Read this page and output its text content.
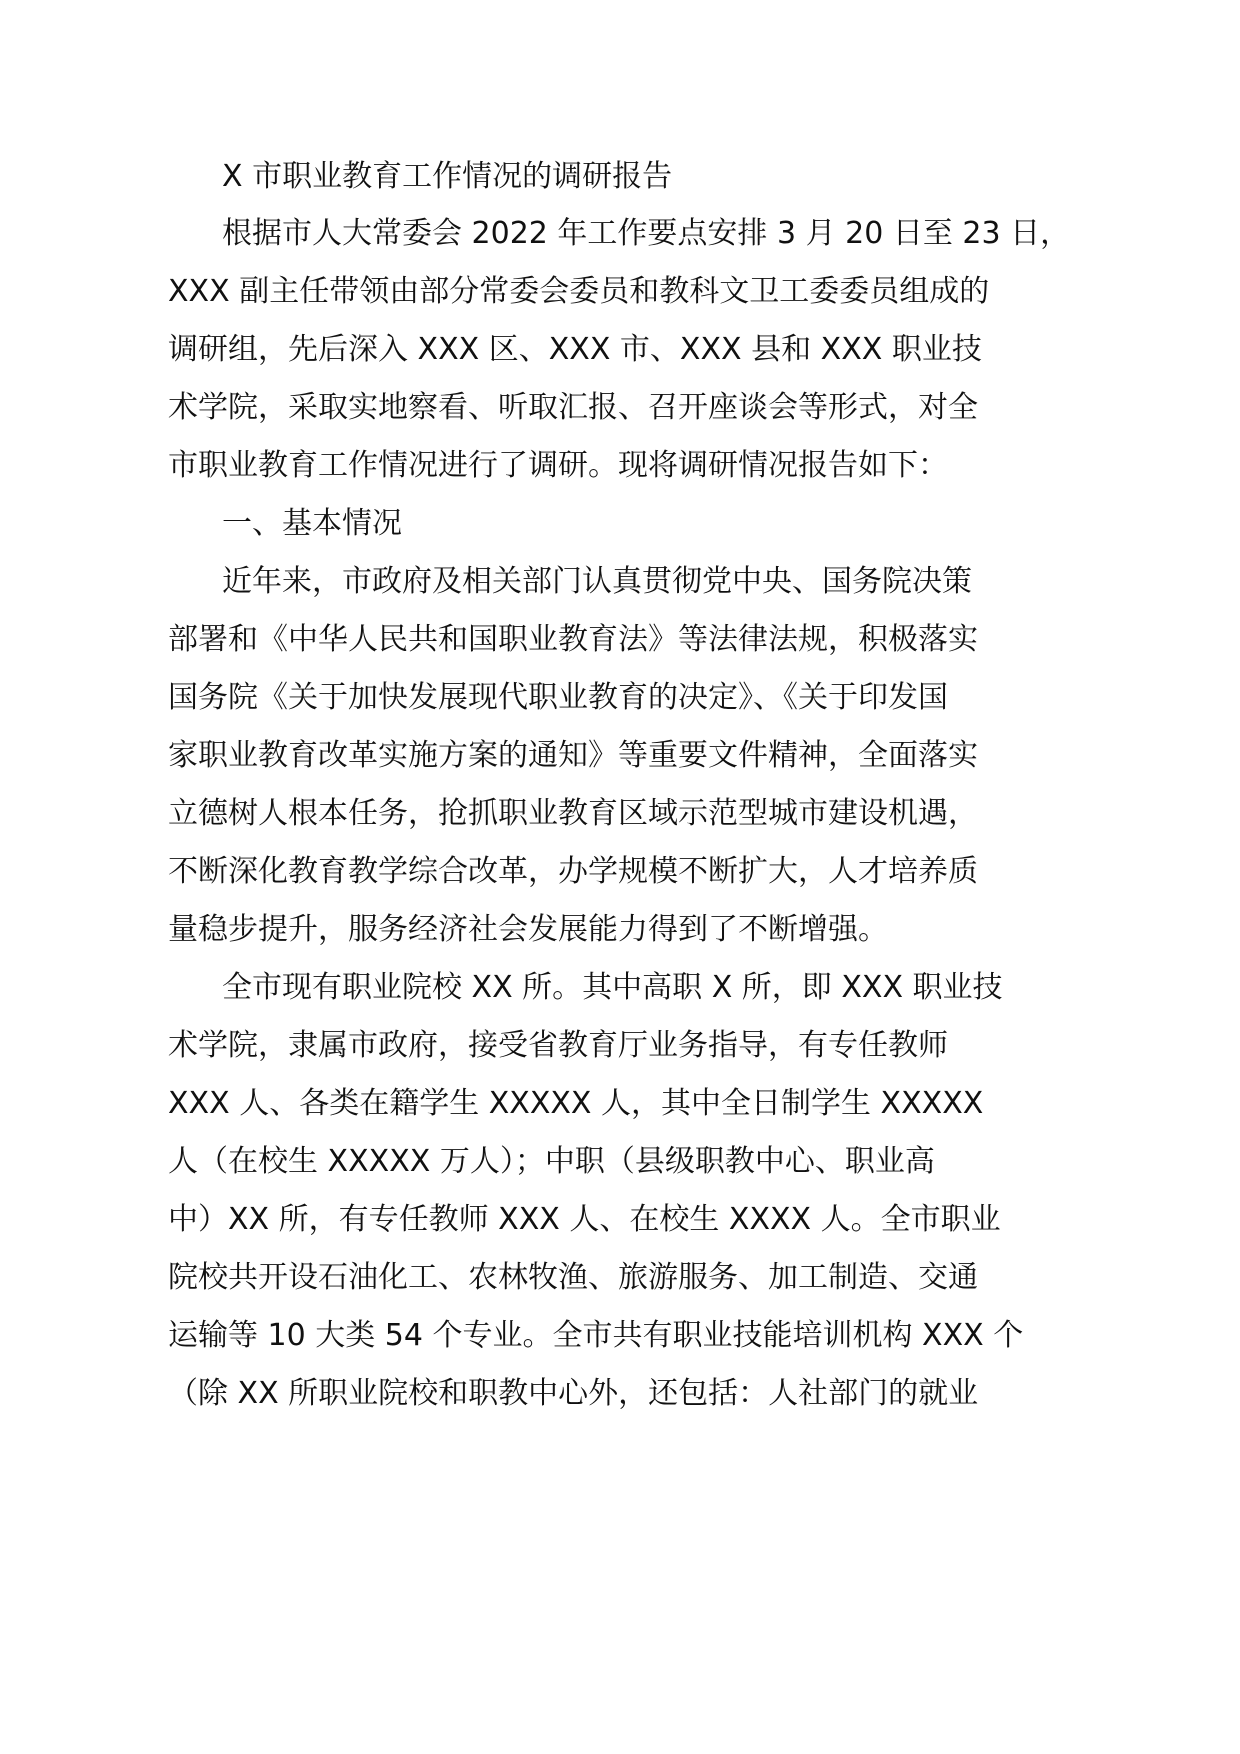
X 市职业教育工作情况的调研报告

根据市人大常委会 2022 年工作要点安排 3 月 20 日至 23 日，

XXX 副主任带领由部分常委会委员和教科文卫工委委员组成的

调研组，先后深入 XXX 区、XXX 市、XXX 县和 XXX 职业技

术学院，采取实地察看、听取汇报、召开座谈会等形式，对全

市职业教育工作情况进行了调研。现将调研情况报告如下：

一、基本情况

近年来，市政府及相关部门认真贯彻党中央、国务院决策

部署和《中华人民共和国职业教育法》等法律法规，积极落实

国务院《关于加快发展现代职业教育的决定》、《关于印发国

家职业教育改革实施方案的通知》等重要文件精神，全面落实

立德树人根本任务，抢抓职业教育区域示范型城市建设机遇，

不断深化教育教学综合改革，办学规模不断扩大，人才培养质

量稳步提升，服务经济社会发展能力得到了不断增强。

全市现有职业院校 XX 所。其中高职 X 所，即 XXX 职业技

术学院，隶属市政府，接受省教育厅业务指导，有专任教师

XXX 人、各类在籍学生 XXXXX 人，其中全日制学生 XXXXX

人（在校生 XXXXX 万人）；中职（县级职教中心、职业高

中）XX 所，有专任教师 XXX 人、在校生 XXXX 人。全市职业

院校共开设石油化工、农林牧渔、旅游服务、加工制造、交通

运输等 10 大类 54 个专业。全市共有职业技能培训机构 XXX 个

（除 XX 所职业院校和职教中心外，还包括：人社部门的就业
